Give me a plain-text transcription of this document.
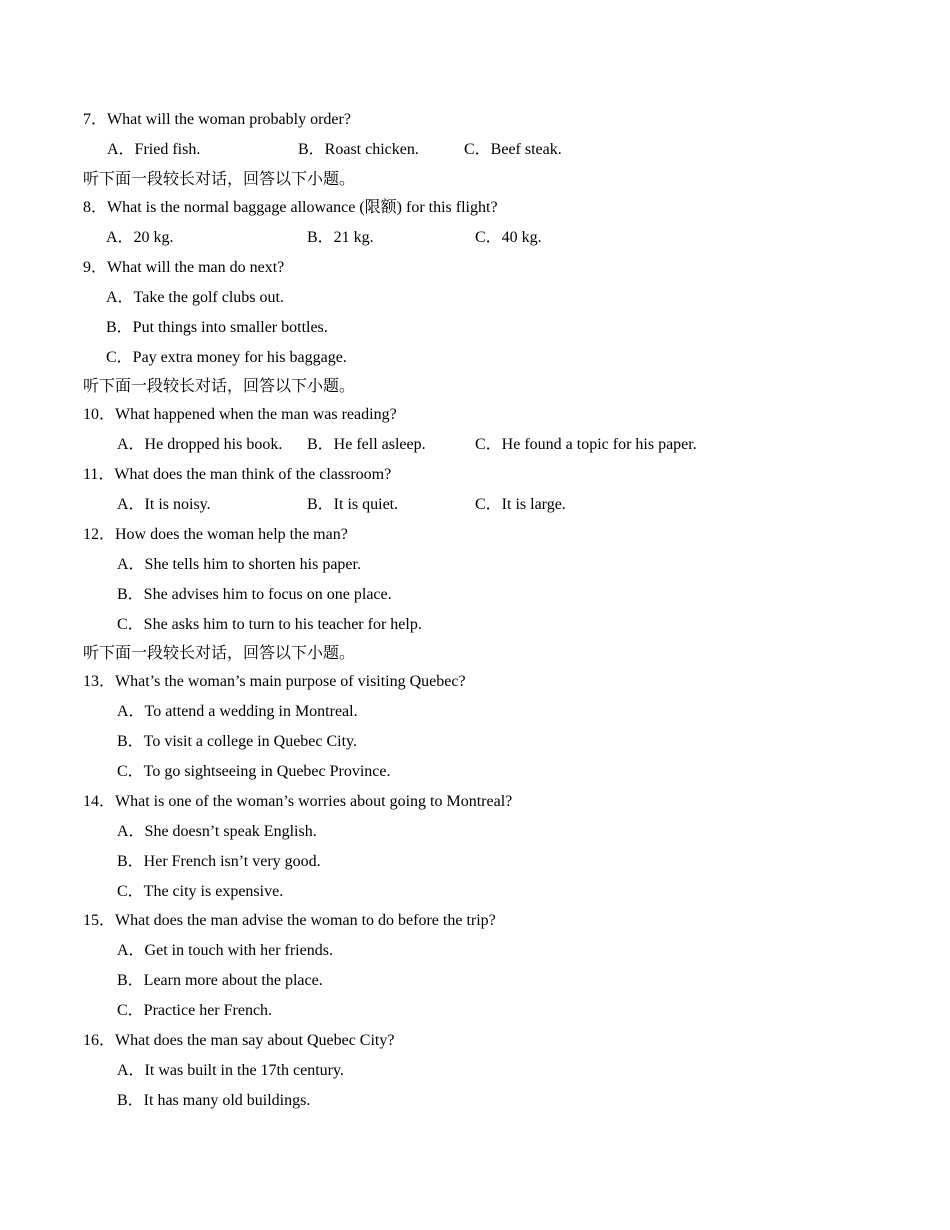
7．What will the woman probably order?
A．Fried fish.	B．Roast chicken.	C．Beef steak.
听下面一段较长对话，回答以下小题。
8．What is the normal baggage allowance (限额) for this flight?
A．20 kg.	B．21 kg.	C．40 kg.
9．What will the man do next?
A．Take the golf clubs out.
B．Put things into smaller bottles.
C．Pay extra money for his baggage.
听下面一段较长对话，回答以下小题。
10．What happened when the man was reading?
A．He dropped his book. B．He fell asleep.	C．He found a topic for his paper.
11．What does the man think of the classroom?
A．It is noisy.	B．It is quiet.	C．It is large.
12．How does the woman help the man?
A．She tells him to shorten his paper.
B．She advises him to focus on one place.
C．She asks him to turn to his teacher for help.
听下面一段较长对话，回答以下小题。
13．What’s the woman’s main purpose of visiting Quebec?
A．To attend a wedding in Montreal.
B．To visit a college in Quebec City.
C．To go sightseeing in Quebec Province.
14．What is one of the woman’s worries about going to Montreal?
A．She doesn’t speak English.
B．Her French isn’t very good.
C．The city is expensive.
15．What does the man advise the woman to do before the trip?
A．Get in touch with her friends.
B．Learn more about the place.
C．Practice her French.
16．What does the man say about Quebec City?
A．It was built in the 17th century.
B．It has many old buildings.
